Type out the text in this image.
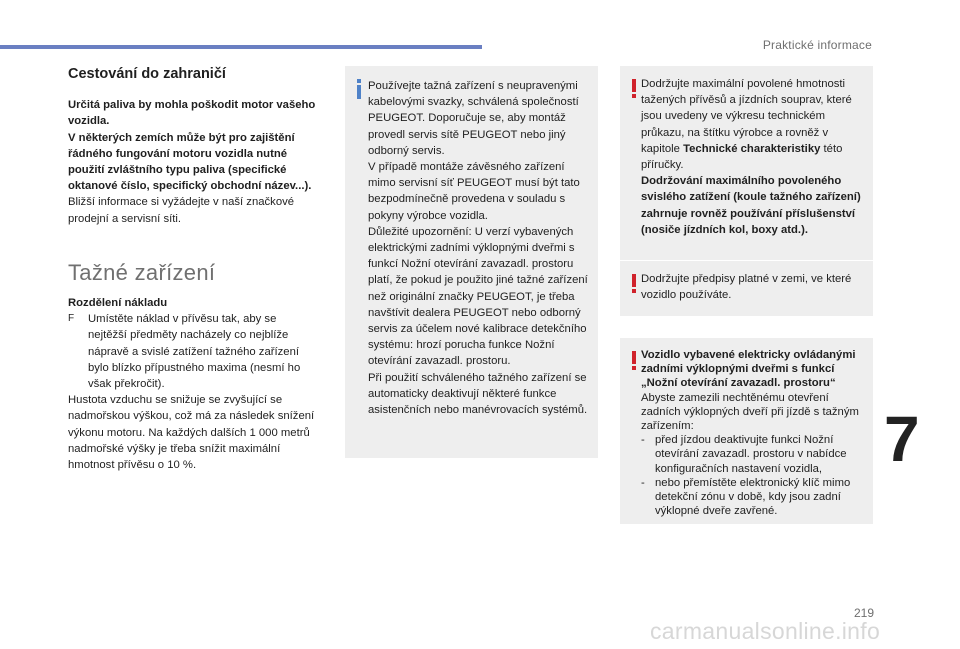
Praktické informace
Cestování do zahraničí

Určitá paliva by mohla poškodit motor vašeho vozidla.
V některých zemích může být pro zajištění řádného fungování motoru vozidla nutné použití zvláštního typu paliva (specifické oktanové číslo, specifický obchodní název...).

Bližší informace si vyžádejte v naší značkové prodejní a servisní síti.

Tažné zařízení

Rozdělení nákladu

F	Umístěte náklad v přívěsu tak, aby se nejtěžší předměty nacházely co nejblíže nápravě a svislé zatížení tažného zařízení bylo blízko přípustného maxima (nesmí ho však překročit).

Hustota vzduchu se snižuje se zvyšující se nadmořskou výškou, což má za následek snížení výkonu motoru. Na každých dalších 1 000 metrů nadmořské výšky je třeba snížit maximální hmotnost přívěsu o 10 %.

Používejte tažná zařízení s neupravenými kabelovými svazky, schválená společností PEUGEOT. Doporučuje se, aby montáž provedl servis sítě PEUGEOT nebo jiný odborný servis.

V případě montáže závěsného zařízení mimo servisní síť PEUGEOT musí být tato bezpodmínečně provedena v souladu s pokyny výrobce vozidla.

Důležité upozornění: U verzí vybavených elektrickými zadními výklopnými dveřmi s funkcí Nožní otevírání zavazadl. prostoru platí, že pokud je použito jiné tažné zařízení než originální značky PEUGEOT, je třeba navštívit dealera PEUGEOT nebo odborný servis za účelem nové kalibrace detekčního systému: hrozí porucha funkce Nožní otevírání zavazadl. prostoru.

Při použití schváleného tažného zařízení se automaticky deaktivují některé funkce asistenčních nebo manévrovacích systémů.

Dodržujte maximální povolené hmotnosti tažených přívěsů a jízdních souprav, které jsou uvedeny ve výkresu technickém průkazu, na štítku výrobce a rovněž v kapitole Technické charakteristiky této příručky.

Dodržování maximálního povoleného svislého zatížení (koule tažného zařízení) zahrnuje rovněž používání příslušenství (nosiče jízdních kol, boxy atd.).

Dodržujte předpisy platné v zemi, ve které vozidlo používáte.

Vozidlo vybavené elektricky ovládanými zadními výklopnými dveřmi s funkcí „Nožní otevírání zavazadl. prostoru“

Abyste zamezili nechtěnému otevření zadních výklopných dveří při jízdě s tažným zařízením:

- před jízdou deaktivujte funkci Nožní otevírání zavazadl. prostoru v nabídce konfiguračních nastavení vozidla,
- nebo přemístěte elektronický klíč mimo detekční zónu v době, kdy jsou zadní výklopné dveře zavřené.
7
219
carmanualsonline.info
